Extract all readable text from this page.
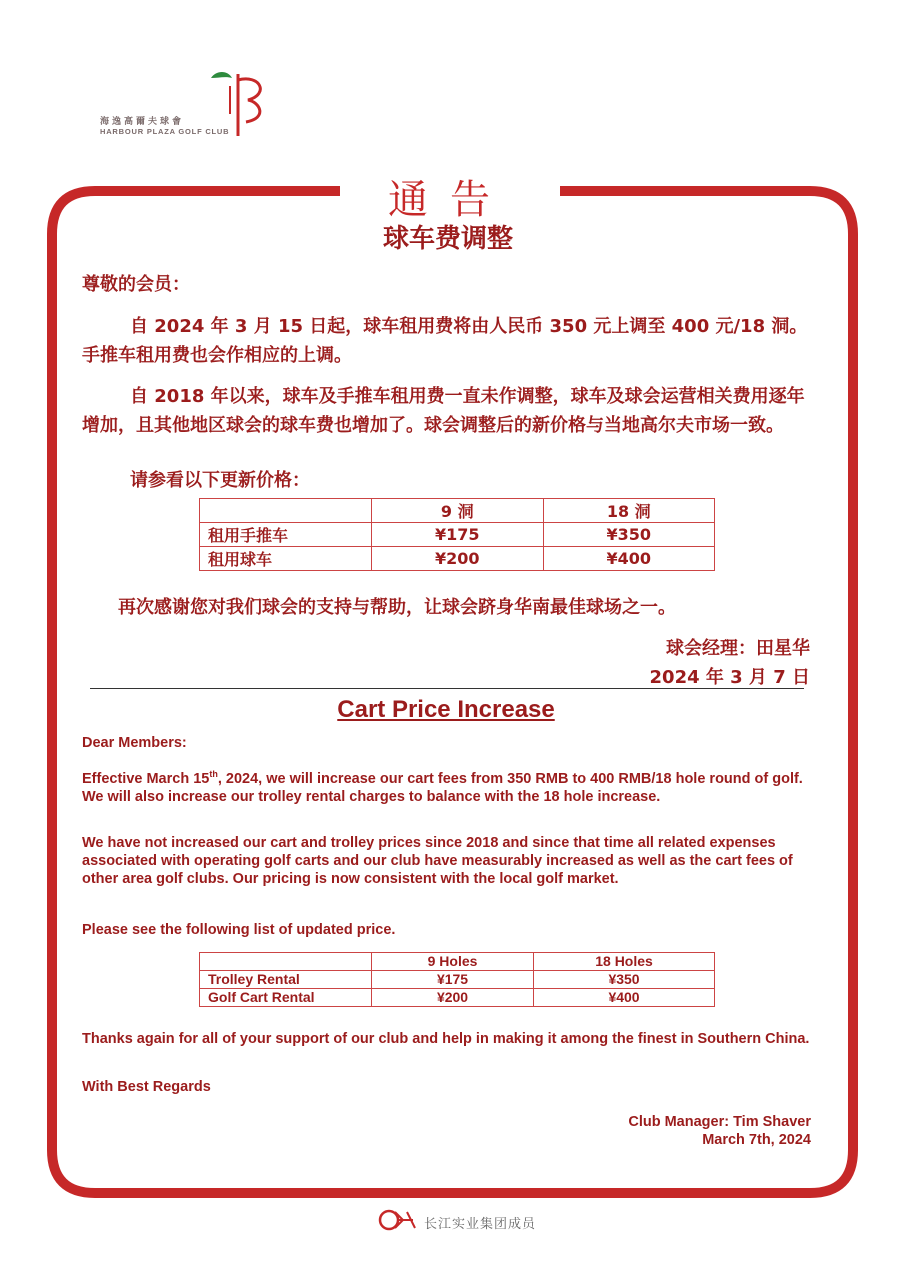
海逸高爾夫球會
HARBOUR PLAZA GOLF CLUB
通告
球车费调整
尊敬的会员：
自 2024 年 3 月 15 日起，球车租用费将由人民币 350 元上调至 400 元/18 洞。手推车租用费也会作相应的上调。
自 2018 年以来，球车及手推车租用费一直未作调整，球车及球会运营相关费用逐年增加，且其他地区球会的球车费也增加了。球会调整后的新价格与当地高尔夫市场一致。
请参看以下更新价格：
	9 洞	18 洞
租用手推车	¥175	¥350
租用球车	¥200	¥400
再次感谢您对我们球会的支持与帮助，让球会跻身华南最佳球场之一。
球会经理：田星华
2024 年 3 月 7 日
Cart Price Increase
Dear Members:
Effective March 15th, 2024, we will increase our cart fees from 350 RMB to 400 RMB/18 hole round of golf. We will also increase our trolley rental charges to balance with the 18 hole increase.
We have not increased our cart and trolley prices since 2018 and since that time all related expenses associated with operating golf carts and our club have measurably increased as well as the cart fees of other area golf clubs. Our pricing is now consistent with the local golf market.
Please see the following list of updated price.
	9 Holes	18 Holes
Trolley Rental	¥175	¥350
Golf Cart Rental	¥200	¥400
Thanks again for all of your support of our club and help in making it among the finest in Southern China.
With Best Regards
Club Manager: Tim Shaver
March 7th, 2024
长江实业集团成员
